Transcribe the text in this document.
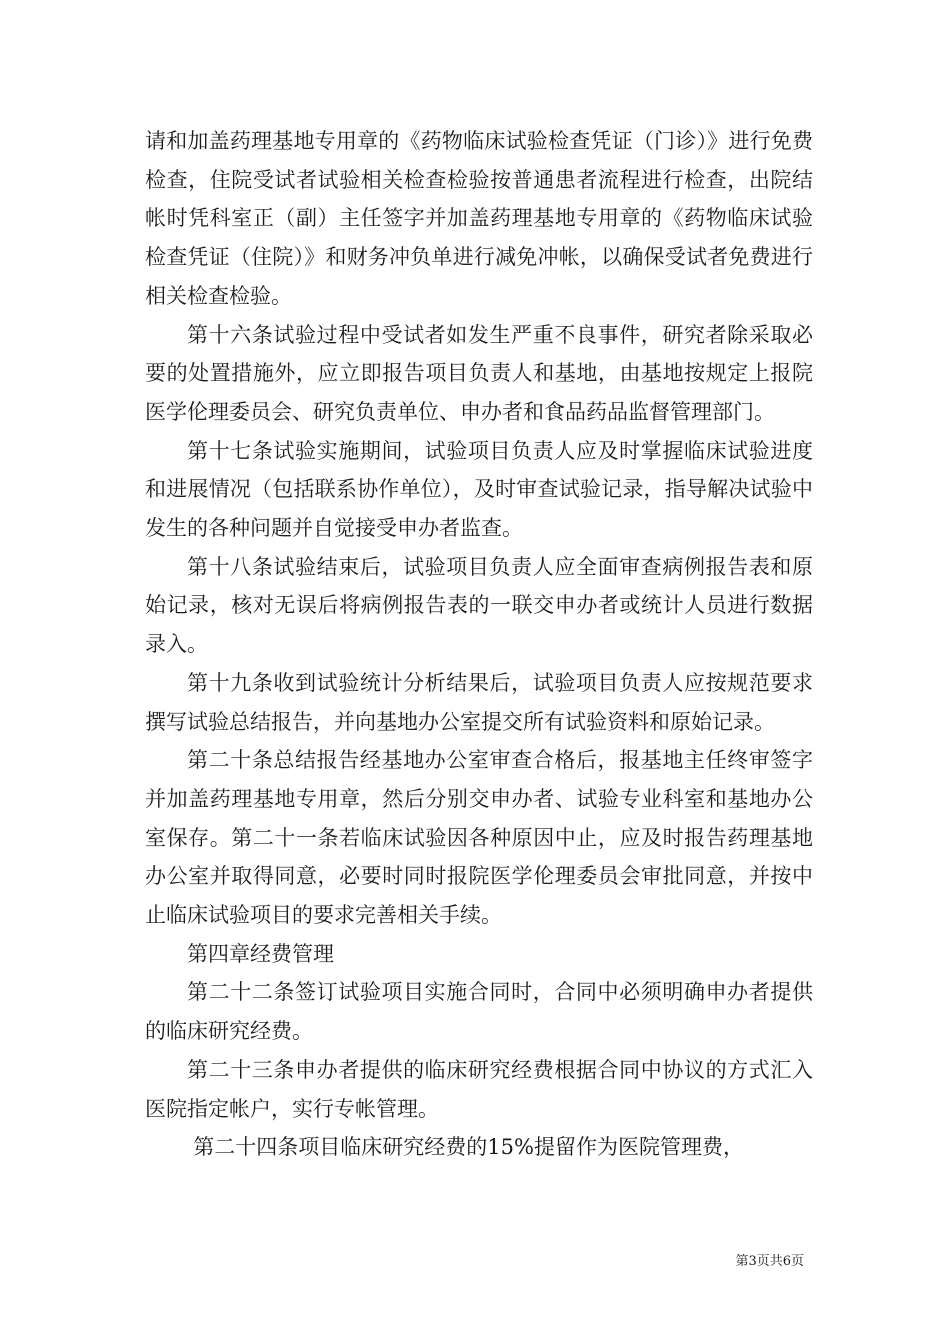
请和加盖药理基地专用章的《药物临床试验检查凭证（门诊）》进行免费检查，住院受试者试验相关检查检验按普通患者流程进行检查，出院结帐时凭科室正（副）主任签字并加盖药理基地专用章的《药物临床试验检查凭证（住院）》和财务冲负单进行减免冲帐，以确保受试者免费进行相关检查检验。

第十六条试验过程中受试者如发生严重不良事件，研究者除采取必要的处置措施外，应立即报告项目负责人和基地，由基地按规定上报院医学伦理委员会、研究负责单位、申办者和食品药品监督管理部门。

第十七条试验实施期间，试验项目负责人应及时掌握临床试验进度和进展情况（包括联系协作单位），及时审查试验记录，指导解决试验中发生的各种问题并自觉接受申办者监查。

第十八条试验结束后，试验项目负责人应全面审查病例报告表和原始记录，核对无误后将病例报告表的一联交申办者或统计人员进行数据录入。

第十九条收到试验统计分析结果后，试验项目负责人应按规范要求撰写试验总结报告，并向基地办公室提交所有试验资料和原始记录。

第二十条总结报告经基地办公室审查合格后，报基地主任终审签字并加盖药理基地专用章，然后分别交申办者、试验专业科室和基地办公室保存。第二十一条若临床试验因各种原因中止，应及时报告药理基地办公室并取得同意，必要时同时报院医学伦理委员会审批同意，并按中止临床试验项目的要求完善相关手续。

第四章经费管理

第二十二条签订试验项目实施合同时，合同中必须明确申办者提供的临床研究经费。

第二十三条申办者提供的临床研究经费根据合同中协议的方式汇入医院指定帐户，实行专帐管理。

第二十四条项目临床研究经费的15%提留作为医院管理费，

第3页共6页
